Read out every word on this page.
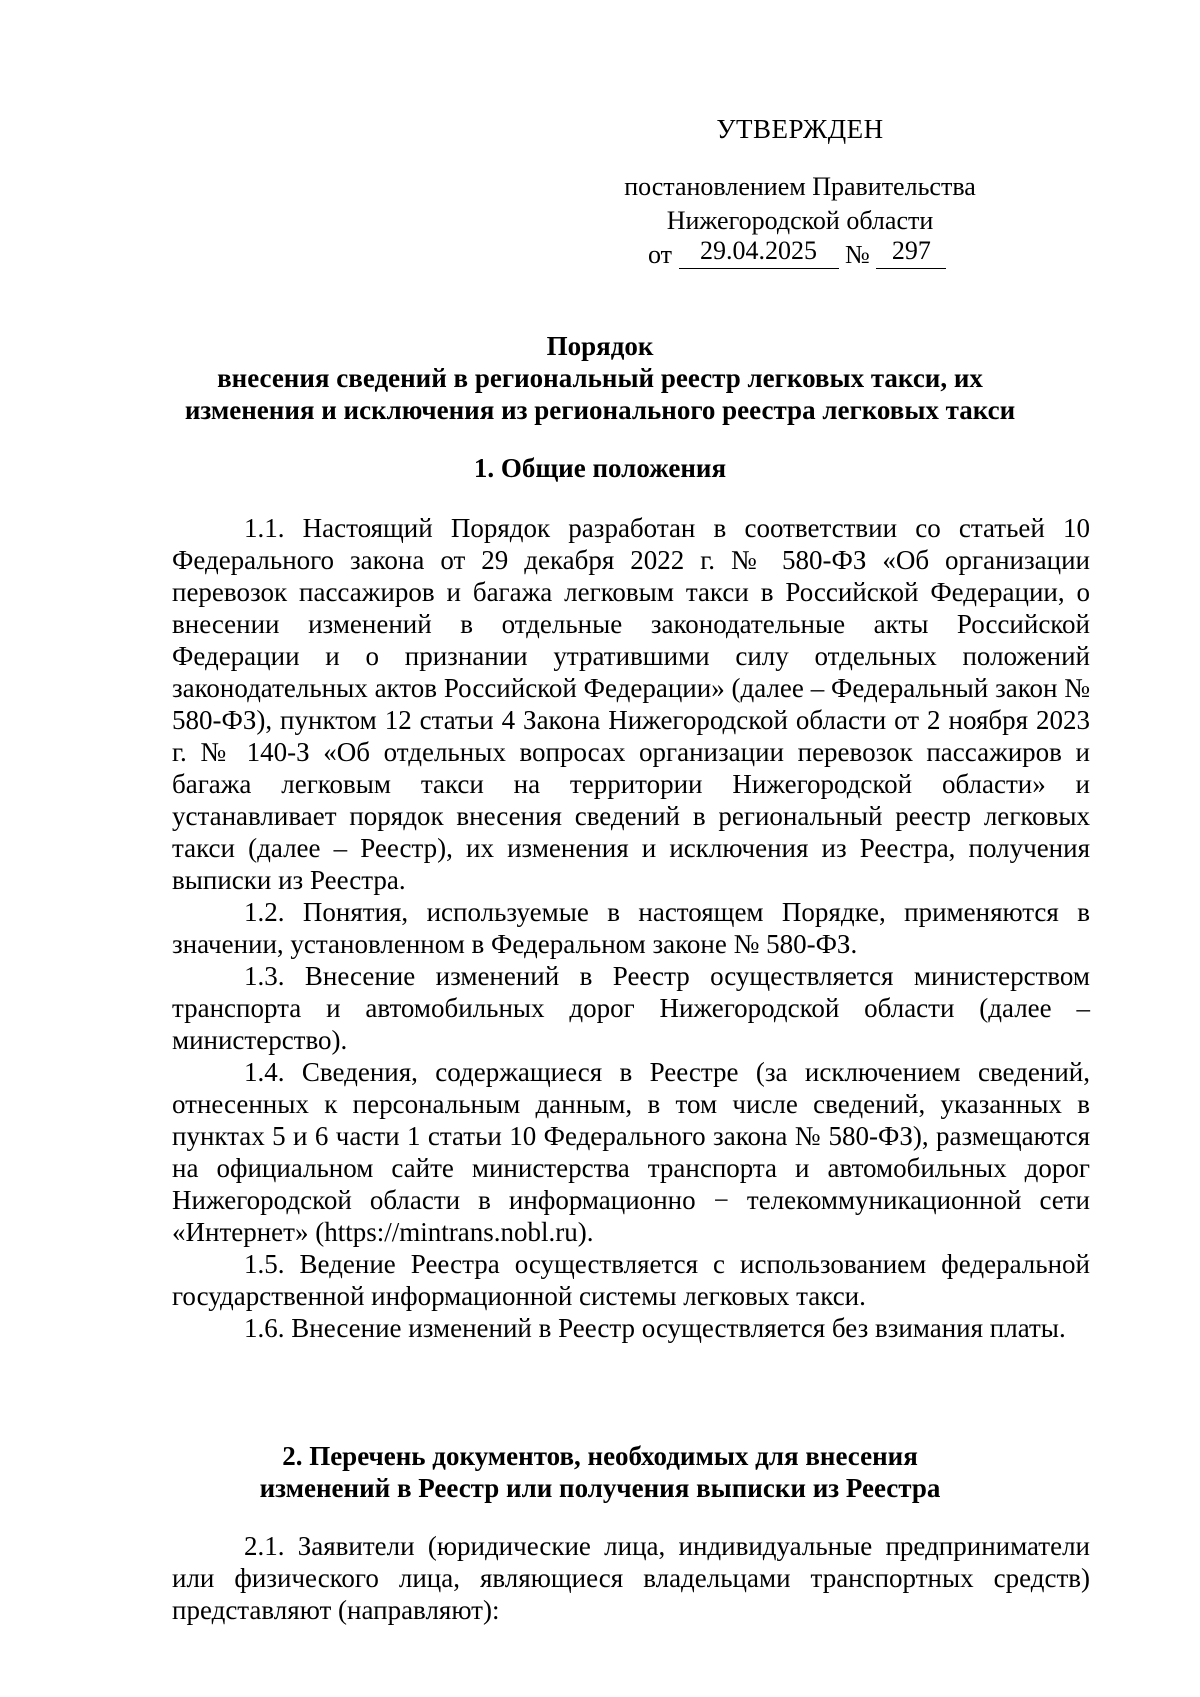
УТВЕРЖДЕН
постановлением Правительства
Нижегородской области
от 29.04.2025 № 297
Порядок
внесения сведений в региональный реестр легковых такси, их
изменения и исключения из регионального реестра легковых такси
1. Общие положения

1.1. Настоящий Порядок разработан в соответствии со статьей 10 Федерального закона от 29 декабря 2022 г. № 580-ФЗ «Об организации перевозок пассажиров и багажа легковым такси в Российской Федерации, о внесении изменений в отдельные законодательные акты Российской Федерации и о признании утратившими силу отдельных положений законодательных актов Российской Федерации» (далее – Федеральный закон № 580-ФЗ), пунктом 12 статьи 4 Закона Нижегородской области от 2 ноября 2023 г. № 140-З «Об отдельных вопросах организации перевозок пассажиров и багажа легковым такси на территории Нижегородской области» и устанавливает порядок внесения сведений в региональный реестр легковых такси (далее – Реестр), их изменения и исключения из Реестра, получения выписки из Реестра.

1.2. Понятия, используемые в настоящем Порядке, применяются в значении, установленном в Федеральном законе № 580-ФЗ.

1.3. Внесение изменений в Реестр осуществляется министерством транспорта и автомобильных дорог Нижегородской области (далее – министерство).

1.4. Сведения, содержащиеся в Реестре (за исключением сведений, отнесенных к персональным данным, в том числе сведений, указанных в пунктах 5 и 6 части 1 статьи 10 Федерального закона № 580-ФЗ), размещаются на официальном сайте министерства транспорта и автомобильных дорог Нижегородской области в информационно − телекоммуникационной сети «Интернет» (https://mintrans.nobl.ru).

1.5. Ведение Реестра осуществляется с использованием федеральной государственной информационной системы легковых такси.

1.6. Внесение изменений в Реестр осуществляется без взимания платы.

2. Перечень документов, необходимых для внесения
изменений в Реестр или получения выписки из Реестра

2.1. Заявители (юридические лица, индивидуальные предприниматели или физического лица, являющиеся владельцами транспортных средств) представляют (направляют):
